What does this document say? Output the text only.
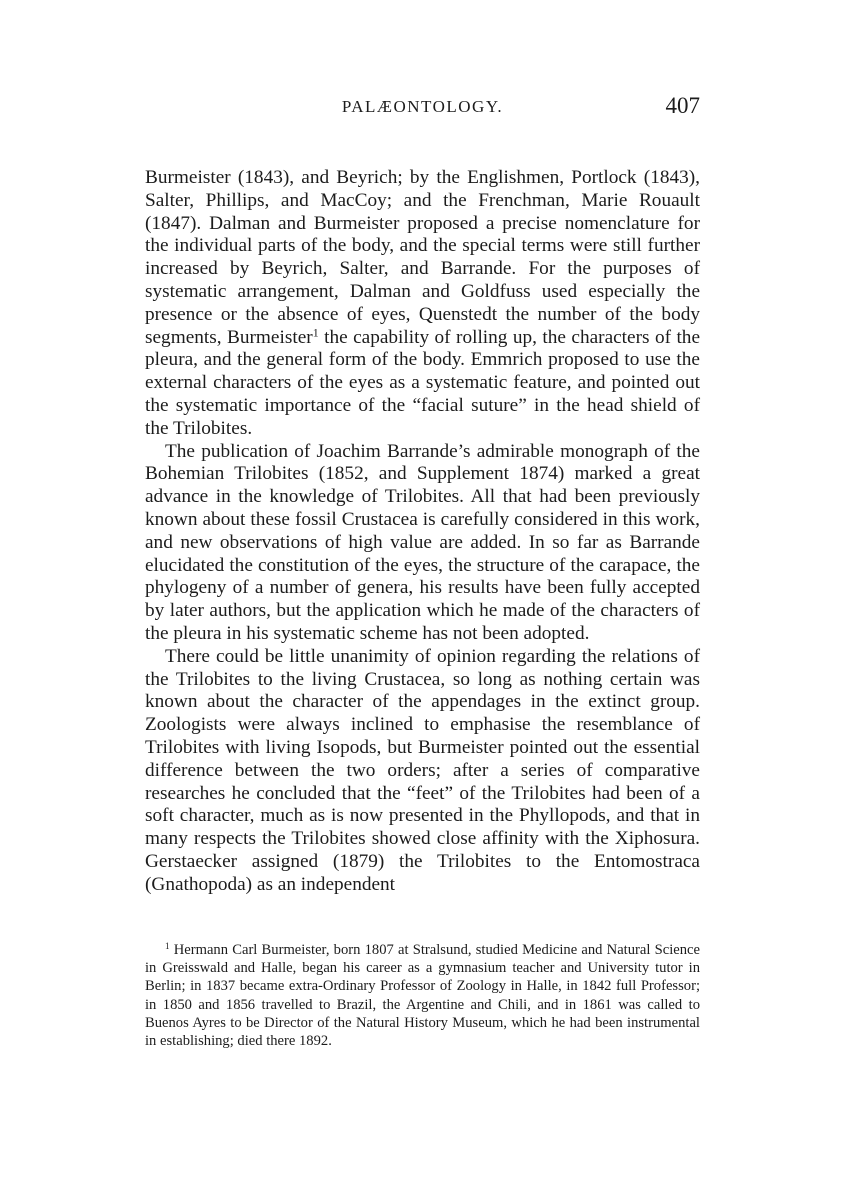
PALÆONTOLOGY.	407

Burmeister (1843), and Beyrich; by the Englishmen, Portlock (1843), Salter, Phillips, and MacCoy; and the Frenchman, Marie Rouault (1847). Dalman and Burmeister proposed a precise nomenclature for the individual parts of the body, and the special terms were still further increased by Beyrich, Salter, and Barrande. For the purposes of systematic arrangement, Dalman and Goldfuss used especially the presence or the absence of eyes, Quenstedt the number of the body segments, Burmeister$^1$ the capability of rolling up, the characters of the pleura, and the general form of the body. Emmrich proposed to use the external characters of the eyes as a systematic feature, and pointed out the systematic importance of the “facial suture” in the head shield of the Trilobites.

The publication of Joachim Barrande’s admirable monograph of the Bohemian Trilobites (1852, and Supplement 1874) marked a great advance in the knowledge of Trilobites. All that had been previously known about these fossil Crustacea is carefully considered in this work, and new observations of high value are added. In so far as Barrande elucidated the constitution of the eyes, the structure of the carapace, the phylogeny of a number of genera, his results have been fully accepted by later authors, but the application which he made of the characters of the pleura in his systematic scheme has not been adopted.

There could be little unanimity of opinion regarding the relations of the Trilobites to the living Crustacea, so long as nothing certain was known about the character of the appendages in the extinct group. Zoologists were always inclined to emphasise the resemblance of Trilobites with living Isopods, but Burmeister pointed out the essential difference between the two orders; after a series of comparative researches he concluded that the “feet” of the Trilobites had been of a soft character, much as is now presented in the Phyllopods, and that in many respects the Trilobites showed close affinity with the Xiphosura. Gerstaecker assigned (1879) the Trilobites to the Entomostraca (Gnathopoda) as an independent

$^1$ Hermann Carl Burmeister, born 1807 at Stralsund, studied Medicine and Natural Science in Greisswald and Halle, began his career as a gymnasium teacher and University tutor in Berlin; in 1837 became extra-Ordinary Professor of Zoology in Halle, in 1842 full Professor; in 1850 and 1856 travelled to Brazil, the Argentine and Chili, and in 1861 was called to Buenos Ayres to be Director of the Natural History Museum, which he had been instrumental in establishing; died there 1892.
